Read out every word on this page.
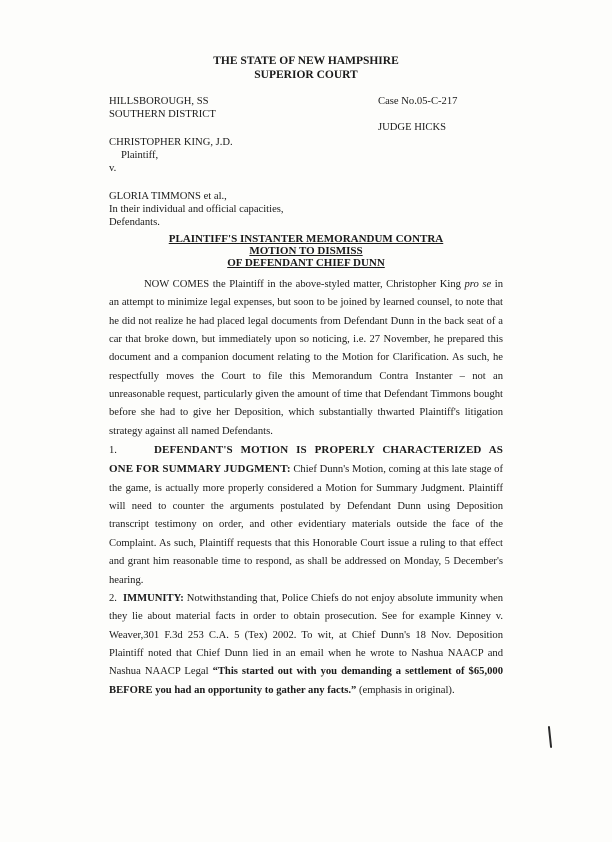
THE STATE OF NEW HAMPSHIRE
SUPERIOR COURT
HILLSBOROUGH, SS
SOUTHERN DISTRICT
CHRISTOPHER KING, J.D.
Plaintiff,
v.
GLORIA TIMMONS et al.,
In their individual and official capacities,
Defendants.
Case No.05-C-217
JUDGE HICKS
PLAINTIFF'S INSTANTER MEMORANDUM CONTRA
MOTION TO DISMISS
OF DEFENDANT CHIEF DUNN

NOW COMES the Plaintiff in the above-styled matter, Christopher King pro se in an attempt to minimize legal expenses, but soon to be joined by learned counsel, to note that he did not realize he had placed legal documents from Defendant Dunn in the back seat of a car that broke down, but immediately upon so noticing, i.e. 27 November, he prepared this document and a companion document relating to the Motion for Clarification. As such, he respectfully moves the Court to file this Memorandum Contra Instanter – not an unreasonable request, particularly given the amount of time that Defendant Timmons bought before she had to give her Deposition, which substantially thwarted Plaintiff's litigation strategy against all named Defendants.

1.	DEFENDANT'S MOTION IS PROPERLY CHARACTERIZED AS ONE FOR SUMMARY JUDGMENT: Chief Dunn's Motion, coming at this late stage of the game, is actually more properly considered a Motion for Summary Judgment. Plaintiff will need to counter the arguments postulated by Defendant Dunn using Deposition transcript testimony on order, and other evidentiary materials outside the face of the Complaint. As such, Plaintiff requests that this Honorable Court issue a ruling to that effect and grant him reasonable time to respond, as shall be addressed on Monday, 5 December's hearing.

2. IMMUNITY: Notwithstanding that, Police Chiefs do not enjoy absolute immunity when they lie about material facts in order to obtain prosecution. See for example Kinney v. Weaver,301 F.3d 253 C.A. 5 (Tex) 2002. To wit, at Chief Dunn's 18 Nov. Deposition Plaintiff noted that Chief Dunn lied in an email when he wrote to Nashua NAACP and Nashua NAACP Legal “This started out with you demanding a settlement of $65,000 BEFORE you had an opportunity to gather any facts.” (emphasis in original).
